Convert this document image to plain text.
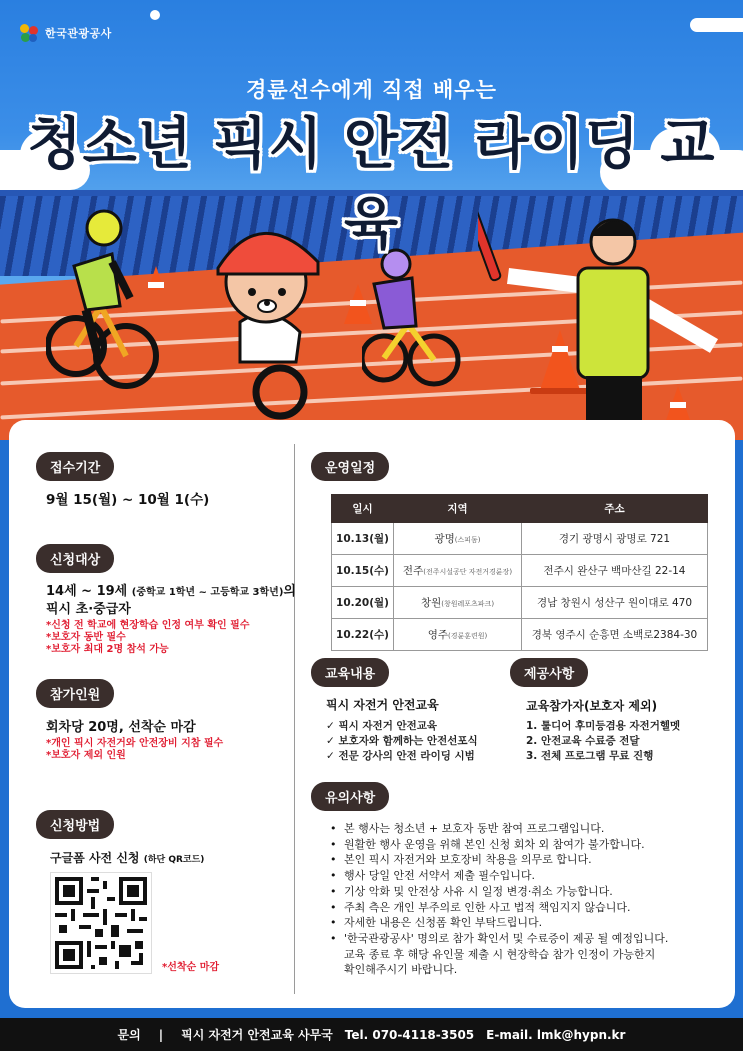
한국관광공사
경륜선수에게 직접 배우는
청소년 픽시 안전 라이딩 교육
접수기간
9월 15(월) ~ 10월 1(수)
신청대상
14세 ~ 19세 (중학교 1학년 ~ 고등학교 3학년)의
픽시 초·중급자
*신청 전 학교에 현장학습 인정 여부 확인 필수
*보호자 동반 필수
*보호자 최대 2명 참석 가능
참가인원
회차당 20명, 선착순 마감
*개인 픽시 자전거와 안전장비 지참 필수
*보호자 제외 인원
신청방법
구글폼 사전 신청 (하단 QR코드)
*선착순 마감
운영일정
일시	지역	주소
10.13(월)	광명(스피돔)	경기 광명시 광명로 721
10.15(수)	전주(전주시설공단 자전거경륜장)	전주시 완산구 백마산길 22-14
10.20(월)	창원(창원레포츠파크)	경남 창원시 성산구 원이대로 470
10.22(수)	영주(경륜훈련원)	경북 영주시 순흥면 소백로2384-30
교육내용
픽시 자전거 안전교육
✓ 픽시 자전거 안전교육
✓ 보호자와 함께하는 안전선포식
✓ 전문 강사의 안전 라이딩 시범
제공사항
교육참가자(보호자 제외)
1. 툴디어 후미등겸용 자전거헬멧
2. 안전교육 수료증 전달
3. 전체 프로그램 무료 진행
유의사항
• 본 행사는 청소년 + 보호자 동반 참여 프로그램입니다.
• 원활한 행사 운영을 위해 본인 신청 회차 외 참여가 불가합니다.
• 본인 픽시 자전거와 보호장비 착용을 의무로 합니다.
• 행사 당일 안전 서약서 제출 필수입니다.
• 기상 악화 및 안전상 사유 시 일정 변경·취소 가능합니다.
• 주최 측은 개인 부주의로 인한 사고 법적 책임지지 않습니다.
• 자세한 내용은 신청폼 확인 부탁드립니다.
• '한국관광공사' 명의로 참가 확인서 및 수료증이 제공 될 예정입니다.
교육 종료 후 해당 유인물 제출 시 현장학습 참가 인정이 가능한지
확인해주시기 바랍니다.
문의 | 픽시 자전거 안전교육 사무국 Tel. 070-4118-3505 E-mail. lmk@hypn.kr
